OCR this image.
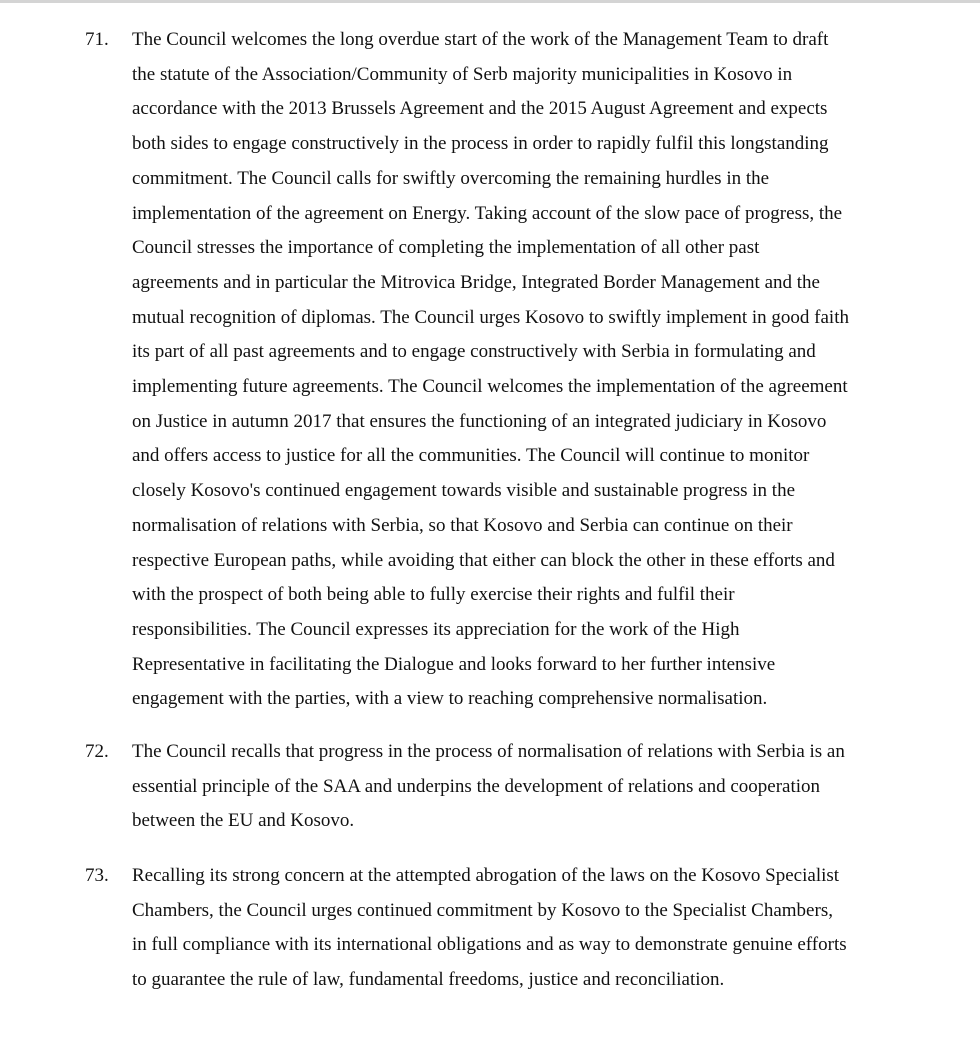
71. The Council welcomes the long overdue start of the work of the Management Team to draft
the statute of the Association/Community of Serb majority municipalities in Kosovo in
accordance with the 2013 Brussels Agreement and the 2015 August Agreement and expects
both sides to engage constructively in the process in order to rapidly fulfil this longstanding
commitment. The Council calls for swiftly overcoming the remaining hurdles in the
implementation of the agreement on Energy. Taking account of the slow pace of progress, the
Council stresses the importance of completing the implementation of all other past
agreements and in particular the Mitrovica Bridge, Integrated Border Management and the
mutual recognition of diplomas. The Council urges Kosovo to swiftly implement in good faith
its part of all past agreements and to engage constructively with Serbia in formulating and
implementing future agreements. The Council welcomes the implementation of the agreement
on Justice in autumn 2017 that ensures the functioning of an integrated judiciary in Kosovo
and offers access to justice for all the communities. The Council will continue to monitor
closely Kosovo's continued engagement towards visible and sustainable progress in the
normalisation of relations with Serbia, so that Kosovo and Serbia can continue on their
respective European paths, while avoiding that either can block the other in these efforts and
with the prospect of both being able to fully exercise their rights and fulfil their
responsibilities. The Council expresses its appreciation for the work of the High
Representative in facilitating the Dialogue and looks forward to her further intensive
engagement with the parties, with a view to reaching comprehensive normalisation.
72. The Council recalls that progress in the process of normalisation of relations with Serbia is an
essential principle of the SAA and underpins the development of relations and cooperation
between the EU and Kosovo.
73. Recalling its strong concern at the attempted abrogation of the laws on the Kosovo Specialist
Chambers, the Council urges continued commitment by Kosovo to the Specialist Chambers,
in full compliance with its international obligations and as way to demonstrate genuine efforts
to guarantee the rule of law, fundamental freedoms, justice and reconciliation.
